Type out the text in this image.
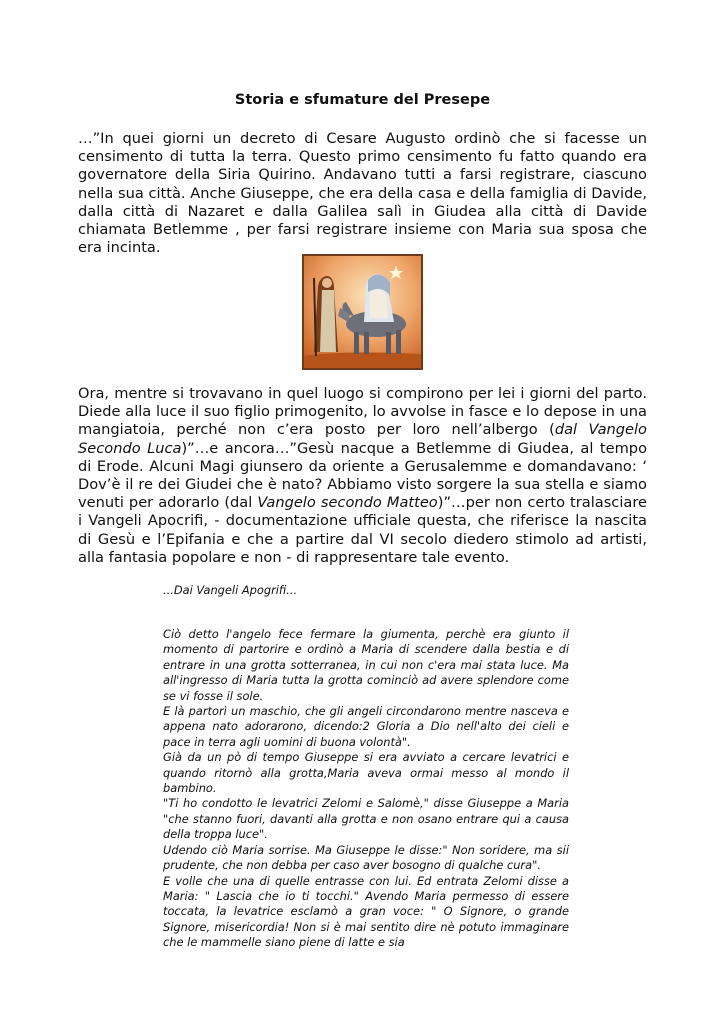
Storia e sfumature del Presepe

…”In quei giorni un decreto di Cesare Augusto ordinò che si facesse un censimento di tutta la terra. Questo primo censimento fu fatto quando era governatore della Siria Quirino. Andavano tutti a farsi registrare, ciascuno nella sua città. Anche Giuseppe, che era della casa e della famiglia di Davide, dalla città di Nazaret e dalla Galilea salì in Giudea alla città di Davide chiamata Betlemme , per farsi registrare insieme con Maria sua sposa che era incinta.

Ora, mentre si trovavano in quel luogo si compirono per lei i giorni del parto. Diede alla luce il suo figlio primogenito, lo avvolse in fasce e lo depose in una mangiatoia, perché non c’era posto per loro nell’albergo (dal Vangelo Secondo Luca)”…e ancora…”Gesù nacque a Betlemme di Giudea, al tempo di Erode. Alcuni Magi giunsero da oriente a Gerusalemme e domandavano: ‘ Dov’è il re dei Giudei che è nato? Abbiamo visto sorgere la sua stella e siamo venuti per adorarlo (dal Vangelo secondo Matteo)”…per non certo tralasciare i Vangeli Apocrifi, - documentazione ufficiale questa, che riferisce la nascita di Gesù e l’Epifania e che a partire dal VI secolo diedero stimolo ad artisti, alla fantasia popolare e non - di rappresentare tale evento.

...Dai Vangeli Apogrifi...

Ciò detto l'angelo fece fermare la giumenta, perchè era giunto il momento di partorire e ordinò a Maria di scendere dalla bestia e di entrare in una grotta sotterranea, in cui non c'era mai stata luce. Ma all'ingresso di Maria tutta la grotta cominciò ad avere splendore come se vi fosse il sole.
E là partorì un maschio, che gli angeli circondarono mentre nasceva e appena nato adorarono, dicendo:2 Gloria a Dio nell'alto dei cieli e pace in terra agli uomini di buona volontà".
Già da un pò di tempo Giuseppe si era avviato a cercare levatrici e quando ritornò alla grotta,Maria aveva ormai messo al mondo il bambino.
"Ti ho condotto le levatrici Zelomi e Salomè," disse Giuseppe a Maria "che stanno fuori, davanti alla grotta e non osano entrare qui a causa della troppa luce".
Udendo ciò Maria sorrise. Ma Giuseppe le disse:" Non soridere, ma sii prudente, che non debba per caso aver bosogno di qualche cura".
E volle che una di quelle entrasse con lui. Ed entrata Zelomi disse a Maria: " Lascia che io ti tocchi." Avendo Maria permesso di essere toccata, la levatrice esclamò a gran voce: " O Signore, o grande Signore, misericordia! Non si è mai sentito dire nè potuto immaginare che le mammelle siano piene di latte e sia
